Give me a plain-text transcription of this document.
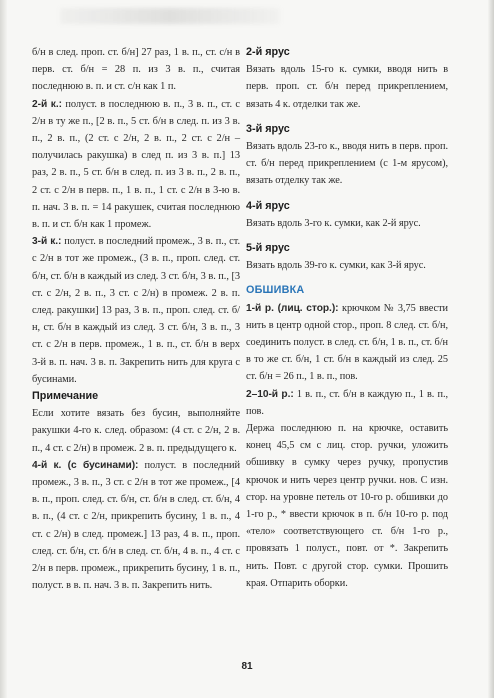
б/н в след. проп. ст. б/н] 27 раз, 1 в. п., ст. с/н в перв. ст. б/н = 28 п. из 3 в. п., считая последнюю в. п. и ст. с/н как 1 п.

2-й к.: полуст. в последнюю в. п., 3 в. п., ст. с 2/н в ту же п., [2 в. п., 5 ст. б/н в след. п. из 3 в. п., 2 в. п., (2 ст. с 2/н, 2 в. п., 2 ст. с 2/н – получилась ракушка) в след п. из 3 в. п.] 13 раз, 2 в. п., 5 ст. б/н в след. п. из 3 в. п., 2 в. п., 2 ст. с 2/н в перв. п., 1 в. п., 1 ст. с 2/н в 3-ю в. п. нач. 3 в. п. = 14 ракушек, считая последнюю в. п. и ст. б/н как 1 промеж.

3-й к.: полуст. в последний промеж., 3 в. п., ст. с 2/н в тот же промеж., (3 в. п., проп. след. ст. б/н, ст. б/н в каждый из след. 3 ст. б/н, 3 в. п., [3 ст. с 2/н, 2 в. п., 3 ст. с 2/н) в промеж. 2 в. п. след. ракушки] 13 раз, 3 в. п., проп. след. ст. б/н, ст. б/н в каждый из след. 3 ст. б/н, 3 в. п., 3 ст. с 2/н в перв. промеж., 1 в. п., ст. б/н в верх 3-й в. п. нач. 3 в. п. Закрепить нить для круга с бусинами.

Примечание

Если хотите вязать без бусин, выполняйте ракушки 4-го к. след. образом: (4 ст. с 2/н, 2 в. п., 4 ст. с 2/н) в промеж. 2 в. п. предыдущего к.

4-й к. (с бусинами): полуст. в последний промеж., 3 в. п., 3 ст. с 2/н в тот же промеж., [4 в. п., проп. след. ст. б/н, ст. б/н в след. ст. б/н, 4 в. п., (4 ст. с 2/н, прикрепить бусину, 1 в. п., 4 ст. с 2/н) в след. промеж.] 13 раз, 4 в. п., проп. след. ст. б/н, ст. б/н в след. ст. б/н, 4 в. п., 4 ст. с 2/н в перв. промеж., прикрепить бусину, 1 в. п., полуст. в в. п. нач. 3 в. п. Закрепить нить.

2-й ярус

Вязать вдоль 15-го к. сумки, вводя нить в перв. проп. ст. б/н перед прикреплением, вязать 4 к. отделки так же.

3-й ярус

Вязать вдоль 23-го к., вводя нить в перв. проп. ст. б/н перед прикреплением (с 1-м ярусом), вязать отделку так же.

4-й ярус

Вязать вдоль 3-го к. сумки, как 2-й ярус.

5-й ярус

Вязать вдоль 39-го к. сумки, как 3-й ярус.

ОБШИВКА

1-й р. (лиц. стор.): крючком № 3,75 ввести нить в центр одной стор., проп. 8 след. ст. б/н, соединить полуст. в след. ст. б/н, 1 в. п., ст. б/н в то же ст. б/н, 1 ст. б/н в каждый из след. 25 ст. б/н = 26 п., 1 в. п., пов.

2–10-й р.: 1 в. п., ст. б/н в каждую п., 1 в. п., пов.

Держа последнюю п. на крючке, оставить конец 45,5 см с лиц. стор. ручки, уложить обшивку в сумку через ручку, пропустив крючок и нить через центр ручки. нов. С изн. стор. на уровне петель от 10-го р. обшивки до 1-го р., * ввести крючок в п. б/н 10-го р. под «тело» соответствующего ст. б/н 1-го р., провязать 1 полуст., повт. от *. Закрепить нить. Повт. с другой стор. сумки. Прошить края. Отпарить оборки.

81
